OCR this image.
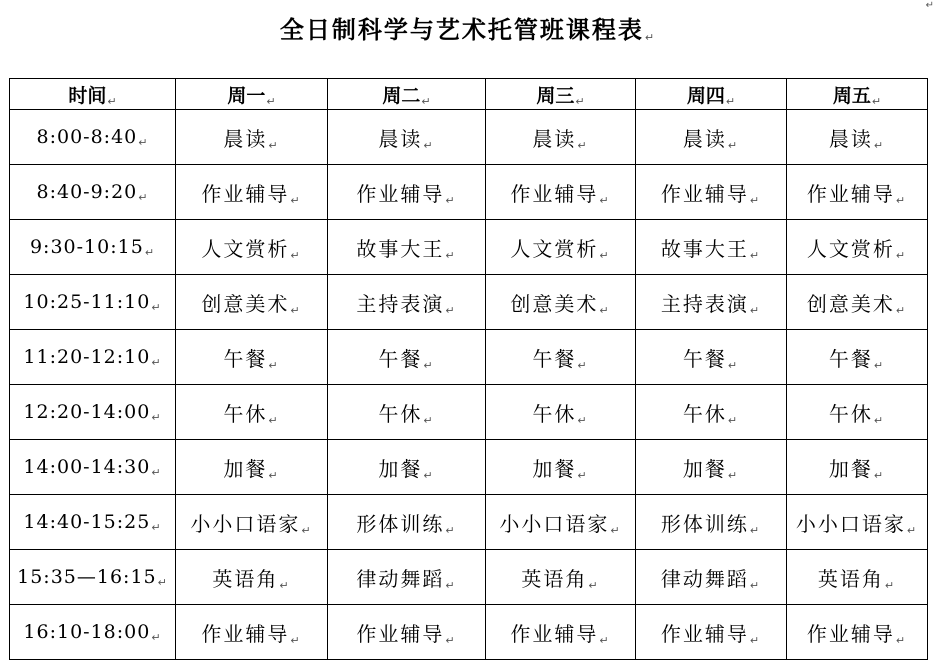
全日制科学与艺术托管班课程表↵
↵
时间↵	周一↵	周二↵	周三↵	周四↵	周五↵
8:00-8:40↵	晨读↵	晨读↵	晨读↵	晨读↵	晨读↵
8:40-9:20↵	作业辅导↵	作业辅导↵	作业辅导↵	作业辅导↵	作业辅导↵
9:30-10:15↵	人文赏析↵	故事大王↵	人文赏析↵	故事大王↵	人文赏析↵
10:25-11:10↵	创意美术↵	主持表演↵	创意美术↵	主持表演↵	创意美术↵
11:20-12:10↵	午餐↵	午餐↵	午餐↵	午餐↵	午餐↵
12:20-14:00↵	午休↵	午休↵	午休↵	午休↵	午休↵
14:00-14:30↵	加餐↵	加餐↵	加餐↵	加餐↵	加餐↵
14:40-15:25↵	小小口语家↵	形体训练↵	小小口语家↵	形体训练↵	小小口语家↵
15:35—16:15↵	英语角↵	律动舞蹈↵	英语角↵	律动舞蹈↵	英语角↵
16:10-18:00↵	作业辅导↵	作业辅导↵	作业辅导↵	作业辅导↵	作业辅导↵
